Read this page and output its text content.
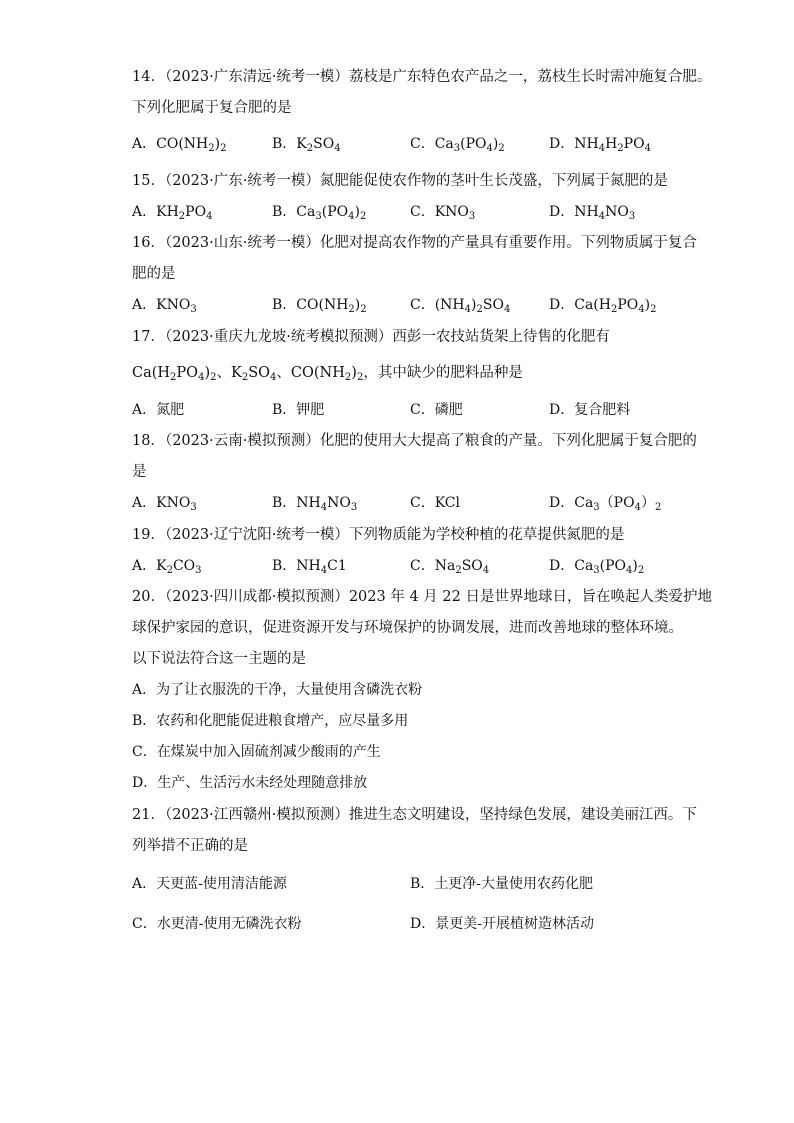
14．（2023·广东清远·统考一模）荔枝是广东特色农产品之一，荔枝生长时需冲施复合肥。
下列化肥属于复合肥的是
A．$CO(NH_2)_2$	B．$K_2SO_4$	C．$Ca_3(PO_4)_2$	D．$NH_4H_2PO_4$
15．（2023·广东·统考一模）氮肥能促使农作物的茎叶生长茂盛，下列属于氮肥的是
A．$KH_2PO_4$	B．$Ca_3(PO_4)_2$	C．$KNO_3$	D．$NH_4NO_3$
16．（2023·山东·统考一模）化肥对提高农作物的产量具有重要作用。下列物质属于复合
肥的是
A．$KNO_3$	B．$CO(NH_2)_2$	C．$(NH_4)_2SO_4$	D．$Ca(H_2PO_4)_2$
17．（2023·重庆九龙坡·统考模拟预测）西彭一农技站货架上待售的化肥有
$Ca(H_2PO_4)_2$、$K_2SO_4$、$CO(NH_2)_2$，其中缺少的肥料品种是
A．氮肥	B．钾肥	C．磷肥	D．复合肥料
18．（2023·云南·模拟预测）化肥的使用大大提高了粮食的产量。下列化肥属于复合肥的
是
A．$KNO_3$	B．$NH_4NO_3$	C．KCl	D．$Ca_3(PO_4)_2$
19．（2023·辽宁沈阳·统考一模）下列物质能为学校种植的花草提供氮肥的是
A．$K_2CO_3$	B．$NH_4C1$	C．$Na_2SO_4$	D．$Ca_3(PO_4)_2$
20．（2023·四川成都·模拟预测）2023 年 4 月 22 日是世界地球日，旨在唤起人类爱护地
球保护家园的意识，促进资源开发与环境保护的协调发展，进而改善地球的整体环境。
以下说法符合这一主题的是
A．为了让衣服洗的干净，大量使用含磷洗衣粉
B．农药和化肥能促进粮食增产，应尽量多用
C．在煤炭中加入固硫剂减少酸雨的产生
D．生产、生活污水未经处理随意排放
21．（2023·江西赣州·模拟预测）推进生态文明建设，坚持绿色发展，建设美丽江西。下
列举措不正确的是
A．天更蓝-使用清洁能源	B．土更净-大量使用农药化肥
C．水更清-使用无磷洗衣粉	D．景更美-开展植树造林活动
